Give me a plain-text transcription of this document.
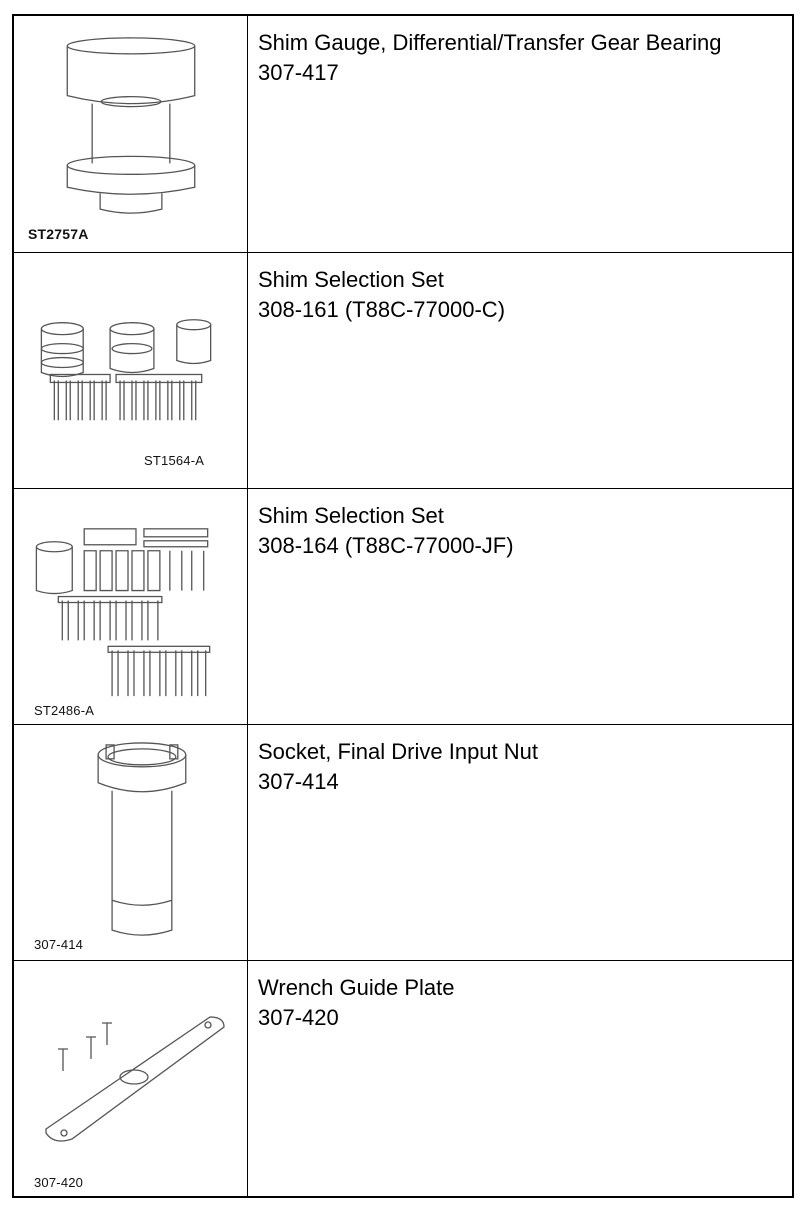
ST2757A
Shim Gauge, Differential/Transfer Gear Bearing
307-417
ST1564-A
Shim Selection Set
308-161 (T88C-77000-C)
ST2486-A
Shim Selection Set
308-164 (T88C-77000-JF)
307-414
Socket, Final Drive Input Nut
307-414
307-420
Wrench Guide Plate
307-420
